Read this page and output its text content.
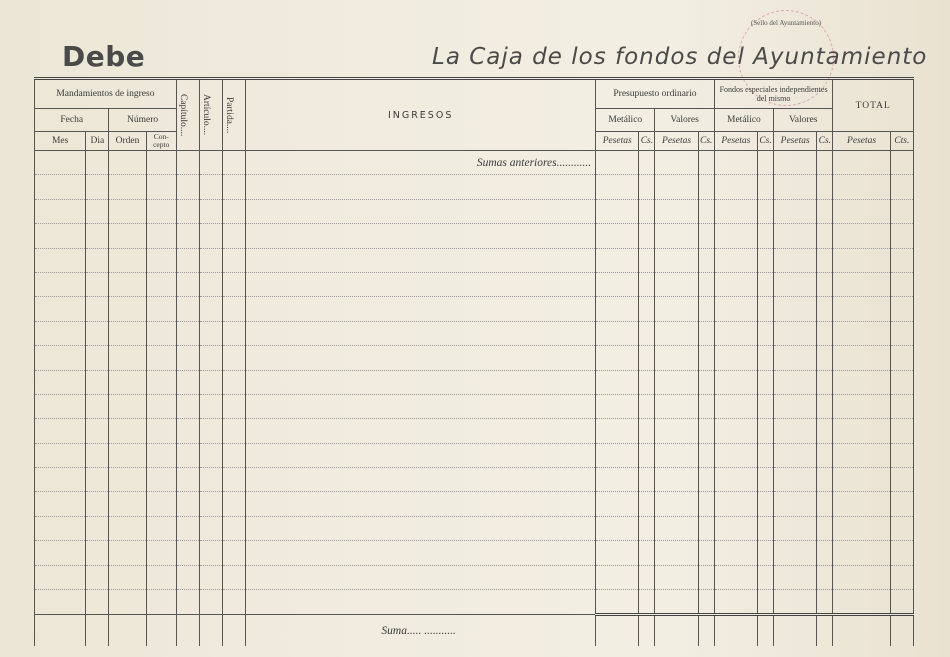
Debe	La Caja de los fondos del Ayuntamiento
(Sello del Ayuntamiento)
Mandamientos de ingreso				Capítulo....	Artículo....	Partida....	INGRESOS	Presupuesto ordinario				Fondos especiales independientes del mismo				TOTAL	
Fecha		Número						Metálico		Valores		Metálico		Valores			
Mes	Dia	Orden	Con-cepto					Pesetas	Cs.	Pesetas	Cs.	Pesetas	Cs.	Pesetas	Cs.	Pesetas	Cts.
							Sumas anteriores............										

							Suma..... ...........										
